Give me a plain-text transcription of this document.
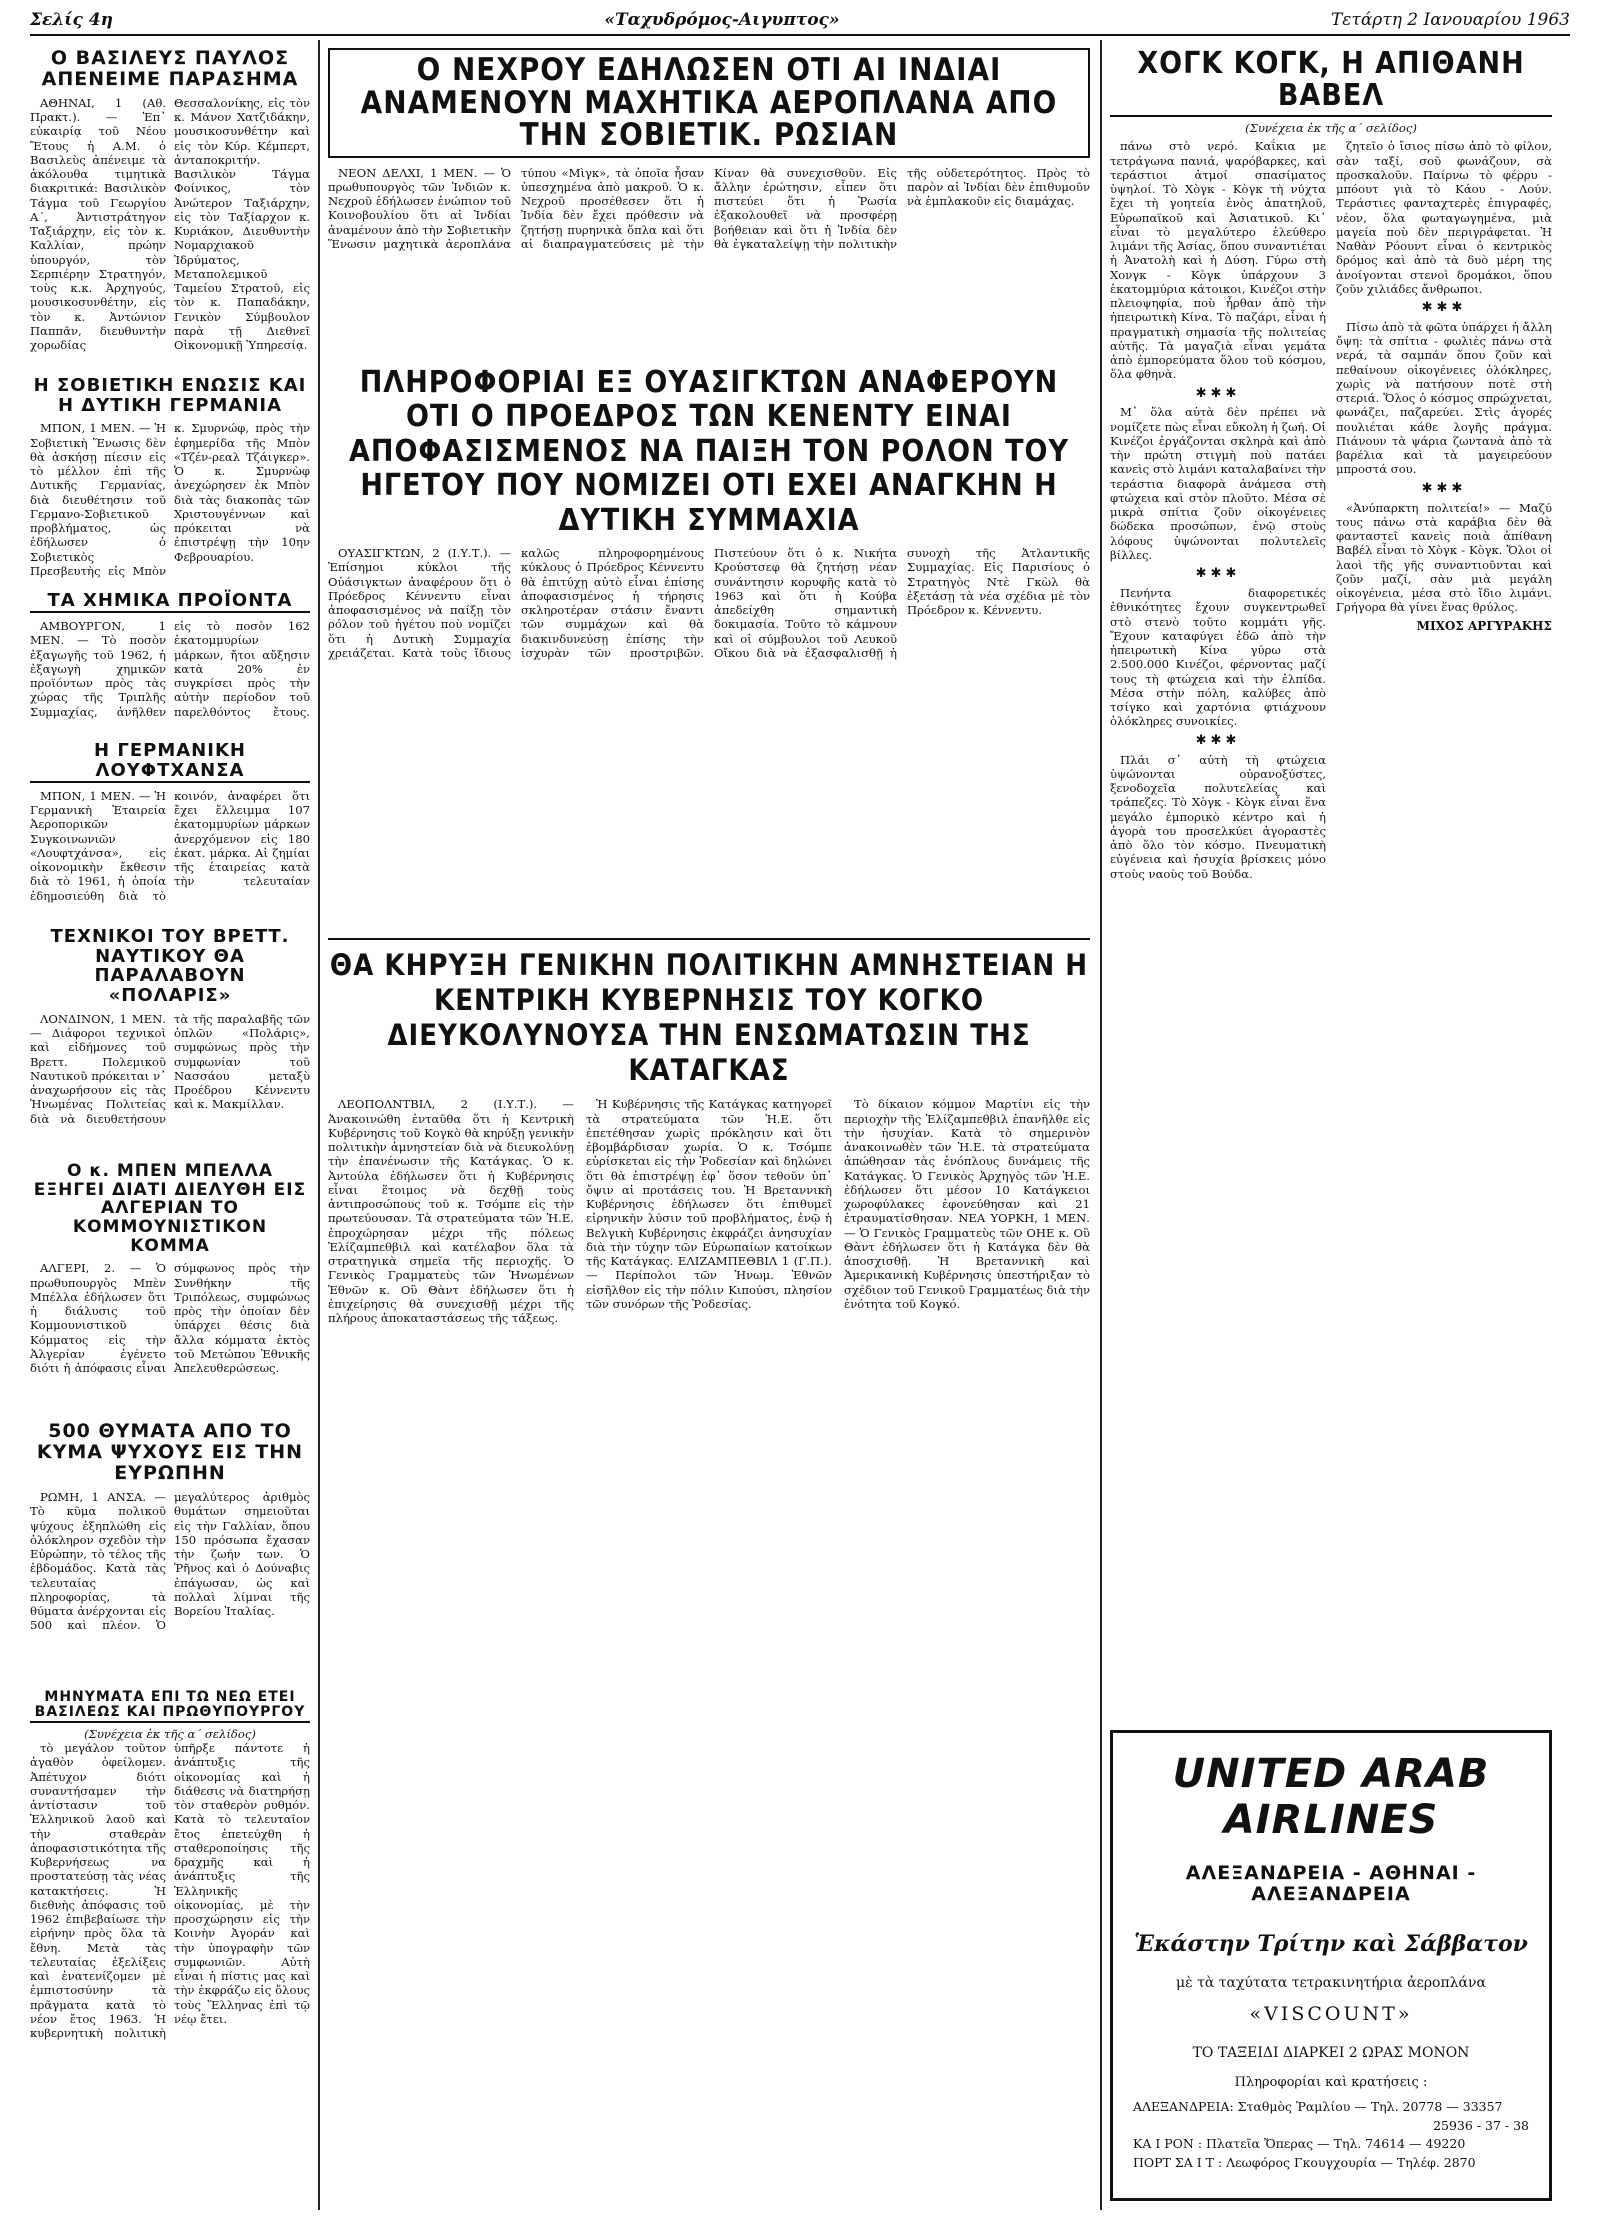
Σελίς 4η	«Ταχυδρόμος-Αιγυπτος»	Τετάρτη 2 Ιανουαρίου 1963
Ο ΒΑΣΙΛΕΥΣ ΠΑΥΛΟΣ ΑΠΕΝΕΙΜΕ ΠΑΡΑΣΗΜΑ

ΑΘΗΝΑΙ, 1 (Αθ. Πρακτ.). — Ἐπ᾽ εὐκαιρίᾳ τοῦ Νέου Ἔτους ἡ Α.Μ. ὁ Βασιλεὺς ἀπένειμε τὰ ἀκόλουθα τιμητικὰ διακριτικά: Βασιλικὸν Τάγμα τοῦ Γεωργίου Α΄, Ἀντιστράτηγον Ταξιάρχην, εἰς τὸν κ. Καλλίαν, πρώην ὑπουργόν, τὸν Σερπιέρην Στρατηγόν, τοὺς κ.κ. Ἀρχηγούς, μουσικοσυνθέτην, εἰς τὸν κ. Ἀντώνιον Παππᾶν, διευθυντὴν χορωδίας Θεσσαλονίκης, εἰς τὸν κ. Μάνον Χατζιδάκην, μουσικοσυνθέτην καὶ εἰς τὸν Κύρ. Κέμπερτ, ἀνταποκριτήν. Βασιλικὸν Τάγμα Φοίνικος, τὸν Ἀνώτερον Ταξιάρχην, εἰς τὸν Ταξίαρχον κ. Κυριάκον, Διευθυντὴν Νομαρχιακοῦ Ἰδρύματος, Μεταπολεμικοῦ Ταμείου Στρατοῦ, εἰς τὸν κ. Παπαδάκην, Γενικὸν Σύμβουλον παρὰ τῇ Διεθνεῖ Οἰκονομικῇ Ὑπηρεσίᾳ.

Η ΣΟΒΙΕΤΙΚΗ ΕΝΩΣΙΣ ΚΑΙ Η ΔΥΤΙΚΗ ΓΕΡΜΑΝΙΑ

ΜΠΟΝ, 1 ΜΕΝ. — Ἡ Σοβιετικὴ Ἕνωσις δὲν θὰ ἀσκήσῃ πίεσιν εἰς τὸ μέλλον ἐπὶ τῆς Δυτικῆς Γερμανίας, διὰ διευθέτησιν τοῦ Γερμανο-Σοβιετικοῦ προβλήματος, ὡς ἐδήλωσεν ὁ Σοβιετικὸς Πρεσβευτὴς εἰς Μπὸν κ. Σμυρνώφ, πρὸς τὴν ἐφημερίδα τῆς Μπὸν «Τζέν-ρεαλ Τζάιγκερ». Ὁ κ. Σμυρνὼφ ἀνεχώρησεν ἐκ Μπὸν διὰ τὰς διακοπὰς τῶν Χριστουγέννων καὶ πρόκειται νὰ ἐπιστρέψῃ τὴν 10ην Φεβρουαρίου.

ΤΑ ΧΗΜΙΚΑ ΠΡΟΪΟΝΤΑ

ΑΜΒΟΥΡΓΟΝ, 1 ΜΕΝ. — Τὸ ποσὸν ἐξαγωγῆς τοῦ 1962, ἡ ἐξαγωγὴ χημικῶν προϊόντων πρὸς τὰς χώρας τῆς Τριπλῆς Συμμαχίας, ἀνῆλθεν εἰς τὸ ποσὸν 162 ἑκατομμυρίων μάρκων, ἤτοι αὔξησιν κατὰ 20% ἐν συγκρίσει πρὸς τὴν αὐτὴν περίοδον τοῦ παρελθόντος ἔτους.

Η ΓΕΡΜΑΝΙΚΗ ΛΟΥΦΤΧΑΝΣΑ

ΜΠΟΝ, 1 ΜΕΝ. — Ἡ Γερμανικὴ Ἑταιρεία Ἀεροπορικῶν Συγκοινωνιῶν «Λουφτχάνσα», εἰς οἰκονομικὴν ἔκθεσιν διὰ τὸ 1961, ἡ ὁποία ἐδημοσιεύθη διὰ τὸ κοινόν, ἀναφέρει ὅτι ἔχει ἔλλειμμα 107 ἑκατομμυρίων μάρκων ἀνερχόμενον εἰς 180 ἑκατ. μάρκα. Αἱ ζημίαι τῆς ἑταιρείας κατὰ τὴν τελευταίαν

ΤΕΧΝΙΚΟΙ ΤΟΥ ΒΡΕΤΤ. ΝΑΥΤΙΚΟΥ ΘΑ ΠΑΡΑΛΑΒΟΥΝ «ΠΟΛΑΡΙΣ»

ΛΟΝΔΙΝΟΝ, 1 ΜΕΝ. — Διάφοροι τεχνικοὶ καὶ εἰδήμονες τοῦ Βρεττ. Πολεμικοῦ Ναυτικοῦ πρόκειται ν᾽ ἀναχωρήσουν εἰς τὰς Ἡνωμένας Πολιτείας διὰ νὰ διευθετήσουν τὰ τῆς παραλαβῆς τῶν ὁπλῶν «Πολάρις», συμφώνως πρὸς τὴν συμφωνίαν τοῦ Νασσάου μεταξὺ Προέδρου Κέννεντυ καὶ κ. Μακμίλλαν.

Ο κ. ΜΠΕΝ ΜΠΕΛΛΑ ΕΞΗΓΕΙ ΔΙΑΤΙ ΔΙΕΛΥΘΗ ΕΙΣ ΑΛΓΕΡΙΑΝ ΤΟ ΚΟΜΜΟΥΝΙΣΤΙΚΟΝ ΚΟΜΜΑ

ΑΛΓΕΡΙ, 2. — Ὁ πρωθυπουργὸς Μπὲν Μπέλλα ἐδήλωσεν ὅτι ἡ διάλυσις τοῦ Κομμουνιστικοῦ Κόμματος εἰς τὴν Ἀλγερίαν ἐγένετο διότι ἡ ἀπόφασις εἶναι σύμφωνος πρὸς τὴν Συνθήκην τῆς Τριπόλεως, συμφώνως πρὸς τὴν ὁποίαν δὲν ὑπάρχει θέσις διὰ ἄλλα κόμματα ἐκτὸς τοῦ Μετώπου Ἐθνικῆς Ἀπελευθερώσεως.

500 ΘΥΜΑΤΑ ΑΠΟ ΤΟ ΚΥΜΑ ΨΥΧΟΥΣ ΕΙΣ ΤΗΝ ΕΥΡΩΠΗΝ

ΡΩΜΗ, 1 ΑΝΣΑ. — Τὸ κῦμα πολικοῦ ψύχους ἐξηπλώθη εἰς ὁλόκληρον σχεδὸν τὴν Εὐρώπην, τὸ τέλος τῆς ἑβδομάδος. Κατὰ τὰς τελευταίας πληροφορίας, τὰ θύματα ἀνέρχονται εἰς 500 καὶ πλέον. Ὁ μεγαλύτερος ἀριθμὸς θυμάτων σημειοῦται εἰς τὴν Γαλλίαν, ὅπου 150 πρόσωπα ἔχασαν τὴν ζωήν των. Ὁ Ῥῆνος καὶ ὁ Δούναβις ἐπάγωσαν, ὡς καὶ πολλαὶ λίμναι τῆς Βορείου Ἰταλίας.

ΜΗΝΥΜΑΤΑ ΕΠΙ ΤΩ ΝΕΩ ΕΤΕΙ ΒΑΣΙΛΕΩΣ ΚΑΙ ΠΡΩΘΥΠΟΥΡΓΟΥ
(Συνέχεια ἐκ τῆς α΄ σελίδος)

τὸ μεγάλον τοῦτον ἀγαθὸν ὀφείλομεν. Ἀπέτυχον διότι συναντήσαμεν τὴν ἀντίστασιν τοῦ Ἑλληνικοῦ λαοῦ καὶ τὴν σταθερὰν ἀποφασιστικότητα τῆς Κυβερνήσεως να προστατεύσῃ τὰς νέας κατακτήσεις. Ἡ διεθνὴς ἀπόφασις τοῦ 1962 ἐπιβεβαίωσε τὴν εἰρήνην πρὸς ὅλα τὰ ἔθνη. Μετὰ τὰς τελευταίας ἐξελίξεις καὶ ἐνατενίζομεν μὲ ἐμπιστοσύνην τὰ πρᾶγματα κατὰ τὸ νέον ἔτος 1963. Ἡ κυβερνητικὴ πολιτικὴ ὑπῆρξε πάντοτε ἡ ἀνάπτυξις τῆς οἰκονομίας καὶ ἡ διάθεσις νὰ διατηρήσῃ τὸν σταθερὸν ρυθμόν. Κατὰ τὸ τελευταῖον ἔτος ἐπετεύχθη ἡ σταθεροποίησις τῆς δραχμῆς καὶ ἡ ἀνάπτυξις τῆς Ἑλληνικῆς οἰκονομίας, μὲ τὴν προσχώρησιν εἰς τὴν Κοινὴν Ἀγοράν καὶ τὴν ὑπογραφὴν τῶν συμφωνιῶν. Αὐτὴ εἶναι ἡ πίστις μας καὶ τὴν ἐκφράζω εἰς ὅλους τοὺς Ἕλληνας ἐπὶ τῷ νέῳ ἔτει.

Ο ΝΕΧΡΟΥ ΕΔΗΛΩΣΕΝ ΟΤΙ ΑΙ ΙΝΔΙΑΙ ΑΝΑΜΕΝΟΥΝ ΜΑΧΗΤΙΚΑ ΑΕΡΟΠΛΑΝΑ ΑΠΟ ΤΗΝ ΣΟΒΙΕΤΙΚ. ΡΩΣΙΑΝ

ΝΕΟΝ ΔΕΛΧΙ, 1 ΜΕΝ. — Ὁ πρωθυπουργὸς τῶν Ἰνδιῶν κ. Νεχροῦ ἐδήλωσεν ἐνώπιον τοῦ Κοινοβουλίου ὅτι αἱ Ἰνδίαι ἀναμένουν ἀπὸ τὴν Σοβιετικὴν Ἕνωσιν μαχητικὰ ἀεροπλάνα τύπου «Μὶγκ», τὰ ὁποῖα ἦσαν ὑπεσχημένα ἀπὸ μακροῦ. Ὁ κ. Νεχροῦ προσέθεσεν ὅτι ἡ Ἰνδία δὲν ἔχει πρόθεσιν νὰ ζητήσῃ πυρηνικὰ ὅπλα καὶ ὅτι αἱ διαπραγματεύσεις μὲ τὴν Κίναν θὰ συνεχισθοῦν. Εἰς ἄλλην ἐρώτησιν, εἶπεν ὅτι πιστεύει ὅτι ἡ Ῥωσία ἐξακολουθεῖ νὰ προσφέρῃ βοήθειαν καὶ ὅτι ἡ Ἰνδία δὲν θὰ ἐγκαταλείψῃ τὴν πολιτικὴν τῆς οὐδετερότητος. Πρὸς τὸ παρὸν αἱ Ἰνδίαι δὲν ἐπιθυμοῦν νὰ ἐμπλακοῦν εἰς διαμάχας.

ΠΛΗΡΟΦΟΡΙΑΙ ΕΞ ΟΥΑΣΙΓΚΤΩΝ ΑΝΑΦΕΡΟΥΝ ΟΤΙ Ο ΠΡΟΕΔΡΟΣ ΤΩΝ ΚΕΝΕΝΤΥ ΕΙΝΑΙ ΑΠΟΦΑΣΙΣΜΕΝΟΣ ΝΑ ΠΑΙΞΗ ΤΟΝ ΡΟΛΟΝ ΤΟΥ ΗΓΕΤΟΥ ΠΟΥ ΝΟΜΙΖΕΙ ΟΤΙ ΕΧΕΙ ΑΝΑΓΚΗΝ Η ΔΥΤΙΚΗ ΣΥΜΜΑΧΙΑ

ΟΥΑΣΙΓΚΤΩΝ, 2 (Ι.Υ.Τ.). — Ἐπίσημοι κύκλοι τῆς Οὐάσιγκτων ἀναφέρουν ὅτι ὁ Πρόεδρος Κέννεντυ εἶναι ἀποφασισμένος νὰ παίξῃ τὸν ρόλον τοῦ ἡγέτου ποὺ νομίζει ὅτι ἡ Δυτικὴ Συμμαχία χρειάζεται. Κατὰ τοὺς ἴδιους καλῶς πληροφορημένους κύκλους ὁ Πρόεδρος Κέννεντυ θὰ ἐπιτύχῃ αὐτὸ εἶναι ἐπίσης ἀποφασισμένος ἡ τήρησις σκληροτέραν στάσιν ἔναντι τῶν συμμάχων καὶ θὰ διακινδυνεύσῃ ἐπίσης τὴν ἰσχυρὰν τῶν προστριβῶν. Πιστεύουν ὅτι ὁ κ. Νικήτα Κρούστσεφ θὰ ζητήσῃ νέαν συνάντησιν κορυφῆς κατὰ τὸ 1963 καὶ ὅτι ἡ Κούβα ἀπεδείχθη σημαντικὴ δοκιμασία. Τοῦτο τὸ κάμνουν καὶ οἱ σύμβουλοι τοῦ Λευκοῦ Οἴκου διὰ νὰ ἐξασφαλισθῇ ἡ συνοχὴ τῆς Ἀτλαντικῆς Συμμαχίας. Εἰς Παρισίους ὁ Στρατηγὸς Ντὲ Γκὼλ θὰ ἐξετάσῃ τὰ νέα σχέδια μὲ τὸν Πρόεδρον κ. Κέννεντυ.

ΘΑ ΚΗΡΥΞΗ ΓΕΝΙΚΗΝ ΠΟΛΙΤΙΚΗΝ ΑΜΝΗΣΤΕΙΑΝ Η ΚΕΝΤΡΙΚΗ ΚΥΒΕΡΝΗΣΙΣ ΤΟΥ ΚΟΓΚΟ ΔΙΕΥΚΟΛΥΝΟΥΣΑ ΤΗΝ ΕΝΣΩΜΑΤΩΣΙΝ ΤΗΣ ΚΑΤΑΓΚΑΣ

ΛΕΟΠΟΛΝΤΒΙΛ, 2 (Ι.Υ.Τ.). — Ἀνακοινώθη ἐνταῦθα ὅτι ἡ Κεντρικὴ Κυβέρνησις τοῦ Κογκὸ θὰ κηρύξῃ γενικὴν πολιτικὴν ἀμνηστείαν διὰ νὰ διευκολύνῃ τὴν ἐπανένωσιν τῆς Κατάγκας. Ὁ κ. Ἀντούλα ἐδήλωσεν ὅτι ἡ Κυβέρνησις εἶναι ἕτοιμος νὰ δεχθῇ τοὺς ἀντιπροσώπους τοῦ κ. Τσόμπε εἰς τὴν πρωτεύουσαν. Τὰ στρατεύματα τῶν Ἡ.Ε. ἐπροχώρησαν μέχρι τῆς πόλεως Ἐλίζαμπεθβιλ καὶ κατέλαβον ὅλα τὰ στρατηγικὰ σημεῖα τῆς περιοχῆς. Ὁ Γενικὸς Γραμματεὺς τῶν Ἡνωμένων Ἐθνῶν κ. Οὒ Θὰντ ἐδήλωσεν ὅτι ἡ ἐπιχείρησις θὰ συνεχισθῇ μέχρι τῆς πλήρους ἀποκαταστάσεως τῆς τάξεως.

Ἡ Κυβέρνησις τῆς Κατάγκας κατηγορεῖ τὰ στρατεύματα τῶν Ἡ.Ε. ὅτι ἐπετέθησαν χωρὶς πρόκλησιν καὶ ὅτι ἐβομβάρδισαν χωρία. Ὁ κ. Τσόμπε εὑρίσκεται εἰς τὴν Ῥοδεσίαν καὶ δηλώνει ὅτι θὰ ἐπιστρέψῃ ἐφ᾽ ὅσον τεθοῦν ὑπ᾽ ὄψιν αἱ προτάσεις του. Ἡ Βρεταννικὴ Κυβέρνησις ἐδήλωσεν ὅτι ἐπιθυμεῖ εἰρηνικὴν λύσιν τοῦ προβλήματος, ἐνῷ ἡ Βελγικὴ Κυβέρνησις ἐκφράζει ἀνησυχίαν διὰ τὴν τύχην τῶν Εὐρωπαίων κατοίκων τῆς Κατάγκας. ΕΛΙΖΑΜΠΕΘΒΙΛ 1 (Γ.Π.). — Περίπολοι τῶν Ἡνωμ. Ἐθνῶν εἰσῆλθον εἰς τὴν πόλιν Κιπούσι, πλησίον τῶν συνόρων τῆς Ῥοδεσίας.

Τὸ δίκαιον κόμμον Μαρτίνι εἰς τὴν περιοχὴν τῆς Ἐλίζαμπεθβιλ ἐπανῆλθε εἰς τὴν ἡσυχίαν. Κατὰ τὸ σημερινὸν ἀνακοινωθὲν τῶν Ἡ.Ε. τὰ στρατεύματα ἀπώθησαν τὰς ἐνόπλους δυνάμεις τῆς Κατάγκας. Ὁ Γενικὸς Ἀρχηγὸς τῶν Ἡ.Ε. ἐδήλωσεν ὅτι μέσον 10 Κατάγκειοι χωροφύλακες ἐφονεύθησαν καὶ 21 ἐτραυματίσθησαν. ΝΕΑ ΥΟΡΚΗ, 1 ΜΕΝ. — Ὁ Γενικὸς Γραμματεὺς τῶν ΟΗΕ κ. Οὒ Θὰντ ἐδήλωσεν ὅτι ἡ Κατάγκα δὲν θὰ ἀποσχισθῇ. Ἡ Βρεταννικὴ καὶ Ἀμερικανικὴ Κυβέρνησις ὑπεστήριξαν τὸ σχέδιον τοῦ Γενικοῦ Γραμματέως διὰ τὴν ἑνότητα τοῦ Κογκό.

ΧΟΓΚ ΚΟΓΚ, Η ΑΠΙΘΑΝΗ ΒΑΒΕΛ
(Συνέχεια ἐκ τῆς α΄ σελίδος)

πάνω στὸ νερό. Καΐκια με τετράγωνα πανιά, ψαρόβαρκες, καὶ τεράστιοι ἀτμοί σπασίματος ὑψηλοί. Τὸ Χὸγκ - Κὸγκ τὴ νύχτα ἔχει τὴ γοητεία ἑνὸς ἀπατηλοῦ, Εὐρωπαϊκοῦ καὶ Ἀσιατικοῦ. Κι᾽ εἶναι τὸ μεγαλύτερο ἐλεύθερο λιμάνι τῆς Ἀσίας, ὅπου συναντιέται ἡ Ἀνατολὴ καὶ ἡ Δύση. Γύρω στὴ Χονγκ - Κὸγκ ὑπάρχουν 3 ἑκατομμύρια κάτοικοι, Κινέζοι στὴν πλειοψηφία, ποὺ ἦρθαν ἀπὸ τὴν ἠπειρωτικὴ Κίνα. Τὸ παζάρι, εἶναι ἡ πραγματικὴ σημασία τῆς πολιτείας αὐτῆς. Τὰ μαγαζιὰ εἶναι γεμάτα ἀπὸ ἐμπορεύματα ὅλου τοῦ κόσμου, ὅλα φθηνὰ.

✱✱✱

Μ᾽ ὅλα αὐτὰ δὲν πρέπει νὰ νομίζετε πὼς εἶναι εὔκολη ἡ ζωή. Οἱ Κινέζοι ἐργάζονται σκληρὰ καὶ ἀπὸ τὴν πρώτη στιγμὴ ποὺ πατάει κανεὶς στὸ λιμάνι καταλαβαίνει τὴν τεράστια διαφορὰ ἀνάμεσα στὴ φτώχεια καὶ στὸν πλοῦτο. Μέσα σὲ μικρὰ σπίτια ζοῦν οἰκογένειες δώδεκα προσώπων, ἐνῷ στοὺς λόφους ὑψώνονται πολυτελεῖς βίλλες.

✱✱✱

Πενήντα διαφορετικές ἐθνικότητες ἔχουν συγκεντρωθεῖ στὸ στενὸ τοῦτο κομμάτι γῆς. Ἔχουν καταφύγει ἐδῶ ἀπὸ τὴν ἠπειρωτικὴ Κίνα γύρω στὰ 2.500.000 Κινέζοι, φέρνοντας μαζί τους τὴ φτώχεια καὶ τὴν ἐλπίδα. Μέσα στὴν πόλη, καλύβες ἀπὸ τσίγκο καὶ χαρτόνια φτιάχνουν ὁλόκληρες συνοικίες.

✱✱✱

Πλάι σ᾽ αὐτὴ τὴ φτώχεια ὑψώνονται οὐρανοξύστες, ξενοδοχεῖα πολυτελείας καὶ τράπεζες. Τὸ Χὸγκ - Κὸγκ εἶναι ἕνα μεγάλο ἐμπορικὸ κέντρο καὶ ἡ ἀγορὰ του προσελκύει ἀγοραστὲς ἀπὸ ὅλο τὸν κόσμο. Πνευματικὴ εὐγένεια καὶ ἡσυχία βρίσκεις μόνο στοὺς ναοὺς τοῦ Βούδα.

ζητεῖο ὁ ἴσιος πίσω ἀπὸ τὸ φίλον, σὰν ταξί, σοῦ φωνάζουν, σὰ προσκαλοῦν. Παίρνω τὸ φέρρυ - μπόουτ γιὰ τὸ Κάου - Λούν. Τεράστιες φανταχτερὲς ἐπιγραφές, νέον, ὅλα φωταγωγημένα, μιὰ μαγεία ποὺ δὲν περιγράφεται. Ἡ Ναθὰν Ρόουντ εἶναι ὁ κεντρικὸς δρόμος καὶ ἀπὸ τὰ δυὸ μέρη της ἀνοίγονται στενοὶ δρομάκοι, ὅπου ζοῦν χιλιάδες ἄνθρωποι.

✱✱✱

Πίσω ἀπὸ τὰ φῶτα ὑπάρχει ἡ ἄλλη ὄψη: τὰ σπίτια - φωλιὲς πάνω στὰ νερά, τὰ σαμπάν ὅπου ζοῦν καὶ πεθαίνουν οἰκογένειες ὁλόκληρες, χωρὶς νὰ πατήσουν ποτὲ στὴ στεριά. Ὅλος ὁ κόσμος σπρώχνεται, φωνάζει, παζαρεύει. Στὶς ἀγορές πουλιέται κάθε λογῆς πράγμα. Πιάνουν τὰ ψάρια ζωντανὰ ἀπὸ τὰ βαρέλια καὶ τὰ μαγειρεύουν μπροστά σου.

✱✱✱

«Ἀνύπαρκτη πολιτεία!» — Μαζύ τους πάνω στὰ καράβια δὲν θὰ φανταστεῖ κανεὶς ποιὰ ἀπίθανη Βαβέλ εἶναι τὸ Χὸγκ - Κὸγκ. Ὅλοι οἱ λαοὶ τῆς γῆς συναντιοῦνται καὶ ζοῦν μαζί, σὰν μιὰ μεγάλη οἰκογένεια, μέσα στὸ ἴδιο λιμάνι. Γρήγορα θὰ γίνει ἕνας θρύλος.

ΜΙΧΟΣ ΑΡΓΥΡΑΚΗΣ
UNITED ARAB AIRLINES
ΑΛΕΞΑΝΔΡΕΙΑ - ΑΘΗΝΑΙ - ΑΛΕΞΑΝΔΡΕΙΑ
Ἑκάστην Τρίτην καὶ Σάββατον
μὲ τὰ ταχύτατα τετρακινητήρια ἀεροπλάνα
«VISCOUNT»
ΤΟ ΤΑΞΕΙΔΙ ΔΙΑΡΚΕΙ 2 ΩΡΑΣ ΜΟΝΟΝ
Πληροφορίαι καὶ κρατήσεις :
ΑΛΕΞΑΝΔΡΕΙΑ: Σταθμὸς Ῥαμλίου — Τηλ. 20778 — 33357
25936 - 37 - 38
ΚΑ Ι ΡΟΝ : Πλατεῖα Ὄπερας — Τηλ. 74614 — 49220
ΠΟΡΤ ΣΑ Ι Τ : Λεωφόρος Γκουγχουρία — Τηλέφ. 2870
